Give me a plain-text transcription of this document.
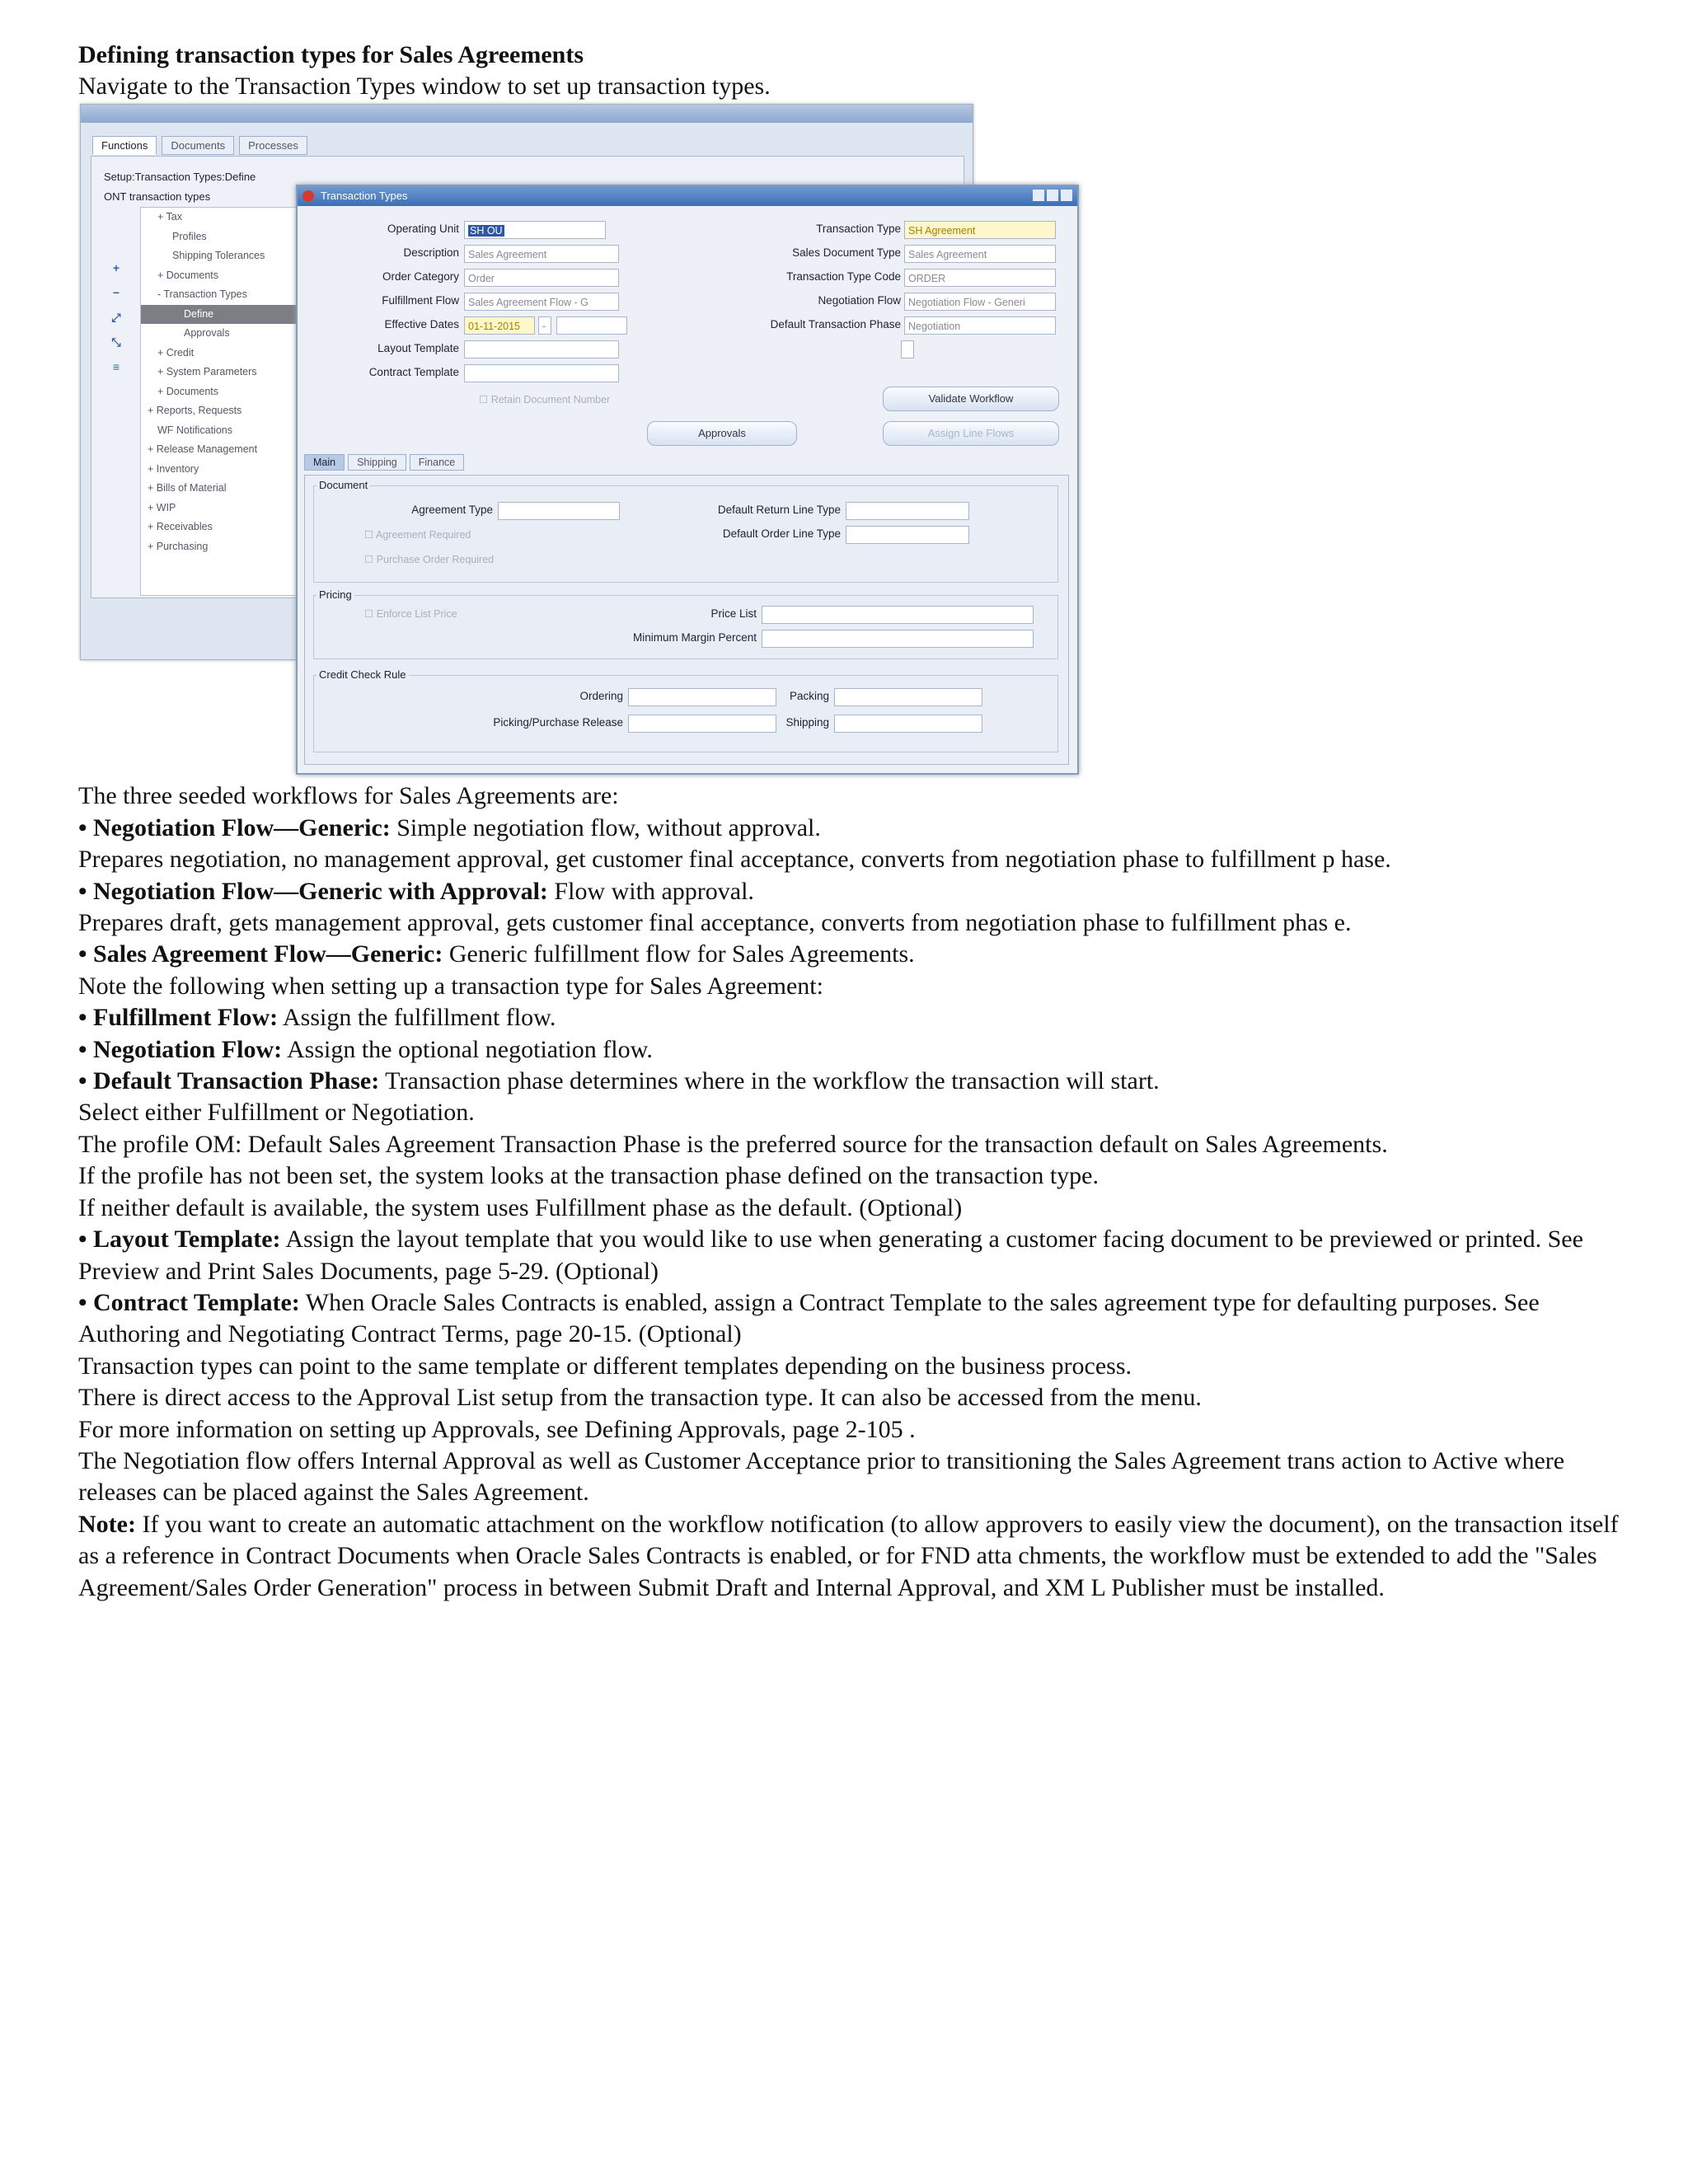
Defining transaction types for Sales Agreements
Navigate to the Transaction Types window to set up transaction types.
Functions	Documents	Processes
Setup:Transaction Types:Define
ONT transaction types
+
−
⤢
⤡
≡
+ Tax
Profiles
Shipping Tolerances
+ Documents
- Transaction Types
Define
Approvals
+ Credit
+ System Parameters
+ Documents
+ Reports, Requests
WF Notifications
+ Release Management
+ Inventory
+ Bills of Material
+ WIP
+ Receivables
+ Purchasing
Transaction Types
Operating Unit	SH OU
Description Sales Agreement
Order Category Order
Fulfillment Flow Sales Agreement Flow - G
Effective Dates 01-11-2015	-
Layout Template
Contract Template
☐ Retain Document Number
Transaction Type SH Agreement
Sales Document Type Sales Agreement
Transaction Type Code ORDER
Negotiation Flow Negotiation Flow - Generi
Default Transaction Phase Negotiation
Approvals
Validate Workflow
Assign Line Flows
Main	Shipping	Finance
Document
Agreement Type
☐ Agreement Required
☐ Purchase Order Required
Default Return Line Type
Default Order Line Type
Pricing
☐ Enforce List Price	Price List
Minimum Margin Percent
Credit Check Rule
Ordering
Picking/Purchase Release
Packing
Shipping
The three seeded workflows for Sales Agreements are:
• Negotiation Flow—Generic: Simple negotiation flow, without approval.
Prepares negotiation, no management approval, get customer final acceptance, converts from negotiation phase to fulfillment p hase.
• Negotiation Flow—Generic with Approval: Flow with approval.
Prepares draft, gets management approval, gets customer final acceptance, converts from negotiation phase to fulfillment phas e.
• Sales Agreement Flow—Generic: Generic fulfillment flow for Sales Agreements.
Note the following when setting up a transaction type for Sales Agreement:
• Fulfillment Flow: Assign the fulfillment flow.
• Negotiation Flow: Assign the optional negotiation flow.
• Default Transaction Phase: Transaction phase determines where in the workflow the transaction will start.
Select either Fulfillment or Negotiation.
The profile OM: Default Sales Agreement Transaction Phase is the preferred source for the transaction default on Sales Agreements.
If the profile has not been set, the system looks at the transaction phase defined on the transaction type.
If neither default is available, the system uses Fulfillment phase as the default. (Optional)
• Layout Template: Assign the layout template that you would like to use when generating a customer facing document to be previewed or printed. See Preview and Print Sales Documents, page 5-29. (Optional)
• Contract Template: When Oracle Sales Contracts is enabled, assign a Contract Template to the sales agreement type for defaulting purposes. See Authoring and Negotiating Contract Terms, page 20-15. (Optional)
Transaction types can point to the same template or different templates depending on the business process.
There is direct access to the Approval List setup from the transaction type. It can also be accessed from the menu.
For more information on setting up Approvals, see Defining Approvals, page 2-105 .
The Negotiation flow offers Internal Approval as well as Customer Acceptance prior to transitioning the Sales Agreement trans action to Active where releases can be placed against the Sales Agreement.
Note: If you want to create an automatic attachment on the workflow notification (to allow approvers to easily view the document), on the transaction itself as a reference in Contract Documents when Oracle Sales Contracts is enabled, or for FND atta chments, the workflow must be extended to add the "Sales Agreement/Sales Order Generation" process in between Submit Draft and Internal Approval, and XM L Publisher must be installed.
